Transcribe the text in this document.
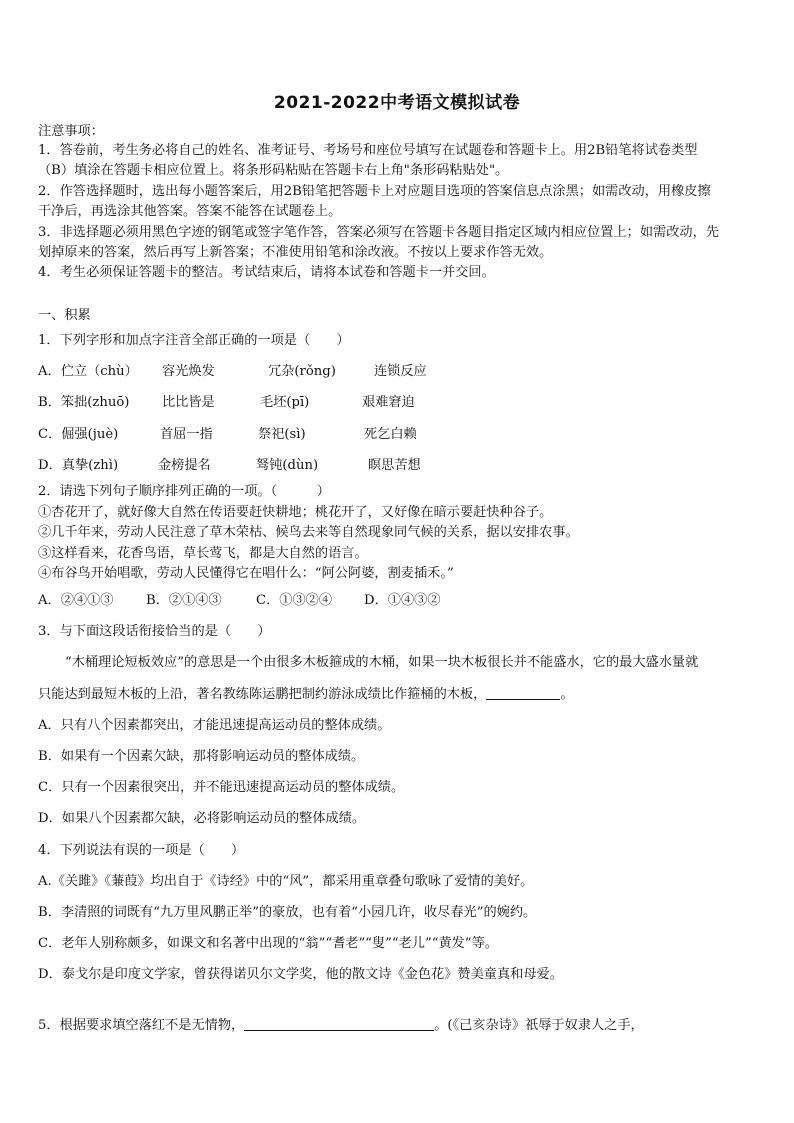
2021-2022中考语文模拟试卷
注意事项：
1．答卷前，考生务必将自己的姓名、准考证号、考场号和座位号填写在试题卷和答题卡上。用2B铅笔将试卷类型
（B）填涂在答题卡相应位置上。将条形码粘贴在答题卡右上角"条形码粘贴处"。
2．作答选择题时，选出每小题答案后，用2B铅笔把答题卡上对应题目选项的答案信息点涂黑；如需改动，用橡皮擦
干净后，再选涂其他答案。答案不能答在试题卷上。
3．非选择题必须用黑色字迹的钢笔或签字笔作答，答案必须写在答题卡各题目指定区域内相应位置上；如需改动，先
划掉原来的答案，然后再写上新答案；不准使用铅笔和涂改液。不按以上要求作答无效。
4．考生必须保证答题卡的整洁。考试结束后，请将本试卷和答题卡一并交回。
一、积累
1．下列字形和加点字注音全部正确的一项是（　　）
A．伫立（chù） 容光焕发	冗杂(rǒng)	连锁反应
B．笨拙(zhuō) 比比皆是	毛坯(pī)	艰难窘迫
C．倔强(juè)	首屈一指	祭祀(sì)	死乞白赖
D．真挚(zhì)	金榜提名	驽钝(dùn)	瞑思苦想
2．请选下列句子顺序排列正确的一项。（　　　）
①杏花开了，就好像大自然在传语要赶快耕地；桃花开了，又好像在暗示要赶快种谷子。
②几千年来，劳动人民注意了草木荣枯、候鸟去来等自然现象同气候的关系，据以安排农事。
③这样看来，花香鸟语，草长莺飞，都是大自然的语言。
④布谷鸟开始唱歌，劳动人民懂得它在唱什么：“阿公阿婆，割麦插禾。”
A．②④①③ B．②①④③	C．①③②④ D．①④③②
3．与下面这段话衔接恰当的是（　　）
“木桶理论短板效应”的意思是一个由很多木板箍成的木桶，如果一块木板很长并不能盛水，它的最大盛水量就
只能达到最短木板的上沿，著名教练陈运鹏把制约游泳成绩比作箍桶的木板，	。
A．只有八个因素都突出，才能迅速提高运动员的整体成绩。
B．如果有一个因素欠缺，那将影响运动员的整体成绩。
C．只有一个因素很突出，并不能迅速提高运动员的整体成绩。
D．如果八个因素都欠缺，必将影响运动员的整体成绩。
4．下列说法有误的一项是（　　）
A.《关雎》《蒹葭》均出自于《诗经》中的“风”，都采用重章叠句歌咏了爱情的美好。
B．李清照的词既有“九万里风鹏正举”的豪放，也有着“小园几许，收尽春光”的婉约。
C．老年人别称颇多，如课文和名著中出现的“翁”“耆老”“叟”“老儿”“黄发”等。
D．泰戈尔是印度文学家，曾获得诺贝尔文学奖，他的散文诗《金色花》赞美童真和母爱。
5．根据要求填空落红不是无情物，	。(《己亥杂诗》祇辱于奴隶人之手，
